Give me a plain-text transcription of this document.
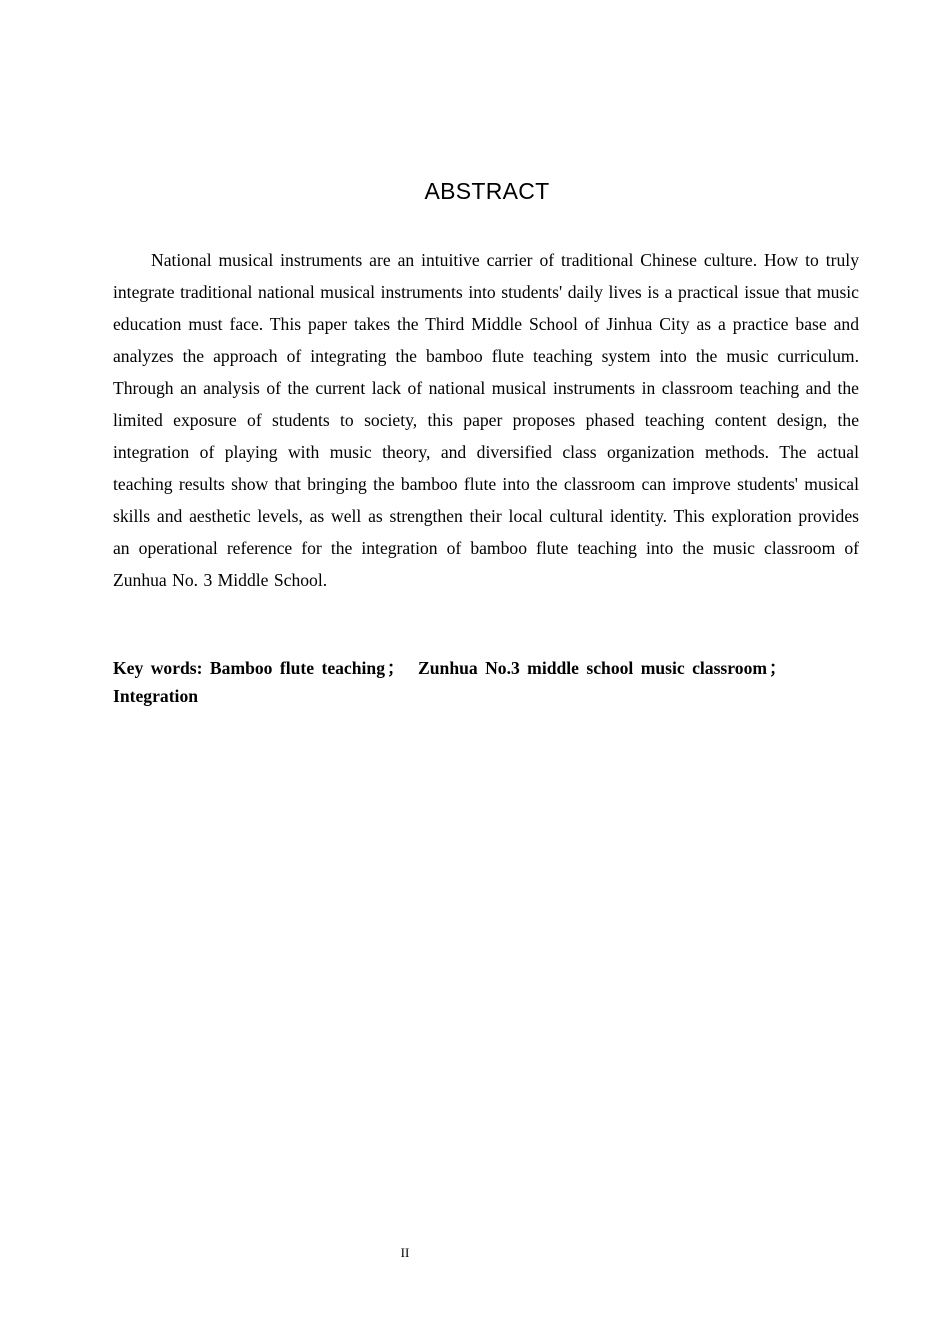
ABSTRACT

National musical instruments are an intuitive carrier of traditional Chinese culture. How to truly integrate traditional national musical instruments into students' daily lives is a practical issue that music education must face. This paper takes the Third Middle School of Jinhua City as a practice base and analyzes the approach of integrating the bamboo flute teaching system into the music curriculum. Through an analysis of the current lack of national musical instruments in classroom teaching and the limited exposure of students to society, this paper proposes phased teaching content design, the integration of playing with music theory, and diversified class organization methods. The actual teaching results show that bringing the bamboo flute into the classroom can improve students' musical skills and aesthetic levels, as well as strengthen their local cultural identity. This exploration provides an operational reference for the integration of bamboo flute teaching into the music classroom of Zunhua No. 3 Middle School.

Key words: Bamboo flute teaching ； Zunhua No.3 middle school music classroom ； Integration

II
